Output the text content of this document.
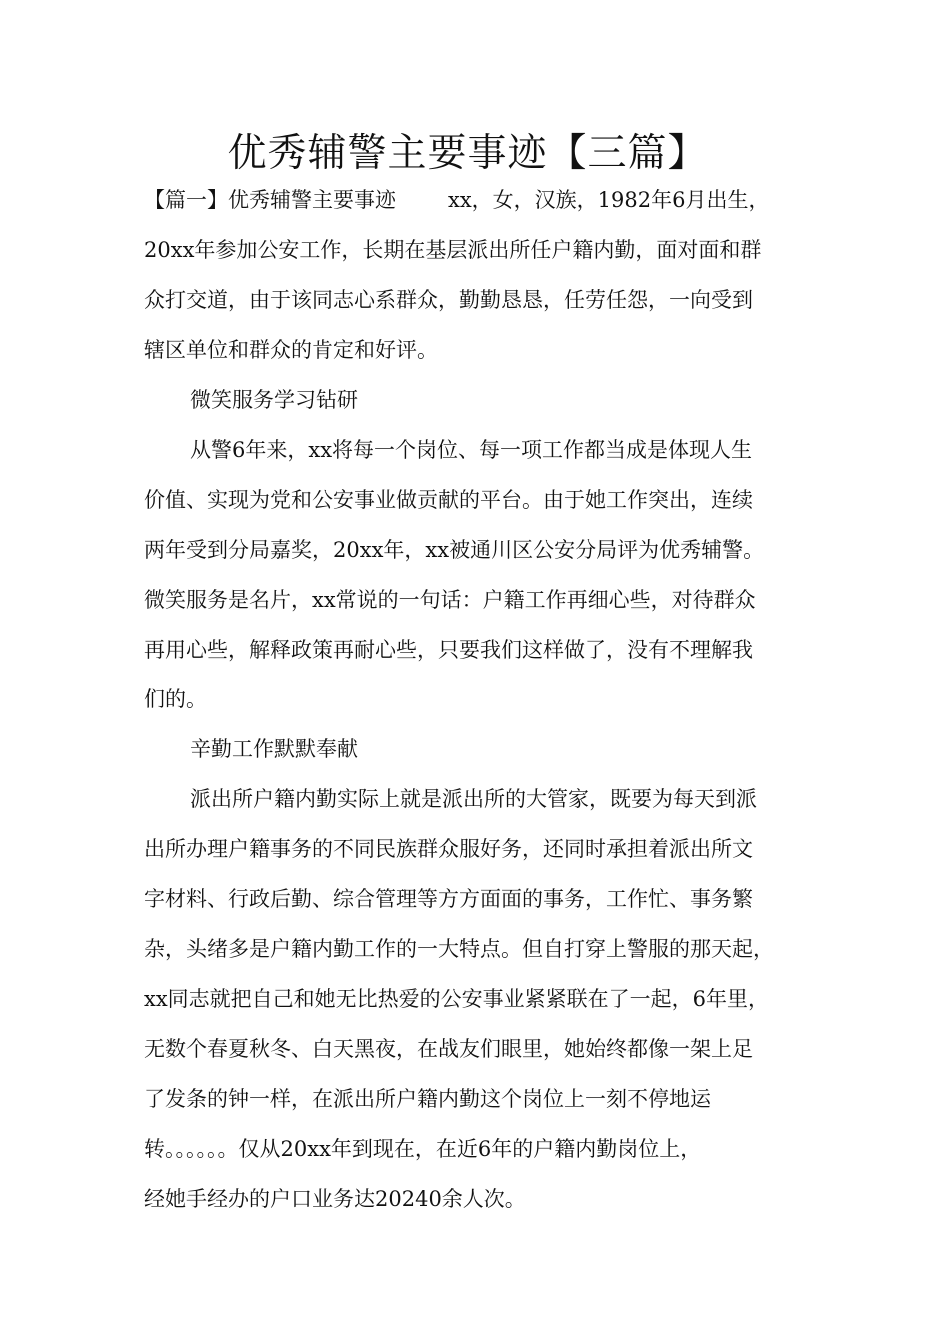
优秀辅警主要事迹【三篇】
【篇一】优秀辅警主要事迹 xx，女，汉族，1982年6月出生，
20xx年参加公安工作，长期在基层派出所任户籍内勤，面对面和群
众打交道，由于该同志心系群众，勤勤恳恳，任劳任怨，一向受到
辖区单位和群众的肯定和好评。
微笑服务学习钻研
从警6年来，xx将每一个岗位、每一项工作都当成是体现人生
价值、实现为党和公安事业做贡献的平台。由于她工作突出，连续
两年受到分局嘉奖，20xx年，xx被通川区公安分局评为优秀辅警。
微笑服务是名片，xx常说的一句话：户籍工作再细心些，对待群众
再用心些，解释政策再耐心些，只要我们这样做了，没有不理解我
们的。
辛勤工作默默奉献
派出所户籍内勤实际上就是派出所的大管家，既要为每天到派
出所办理户籍事务的不同民族群众服好务，还同时承担着派出所文
字材料、行政后勤、综合管理等方方面面的事务，工作忙、事务繁
杂，头绪多是户籍内勤工作的一大特点。但自打穿上警服的那天起，
xx同志就把自己和她无比热爱的公安事业紧紧联在了一起，6年里，
无数个春夏秋冬、白天黑夜，在战友们眼里，她始终都像一架上足
了发条的钟一样，在派出所户籍内勤这个岗位上一刻不停地运
转。。。。。。仅从20xx年到现在，在近6年的户籍内勤岗位上，
经她手经办的户口业务达20240余人次。
